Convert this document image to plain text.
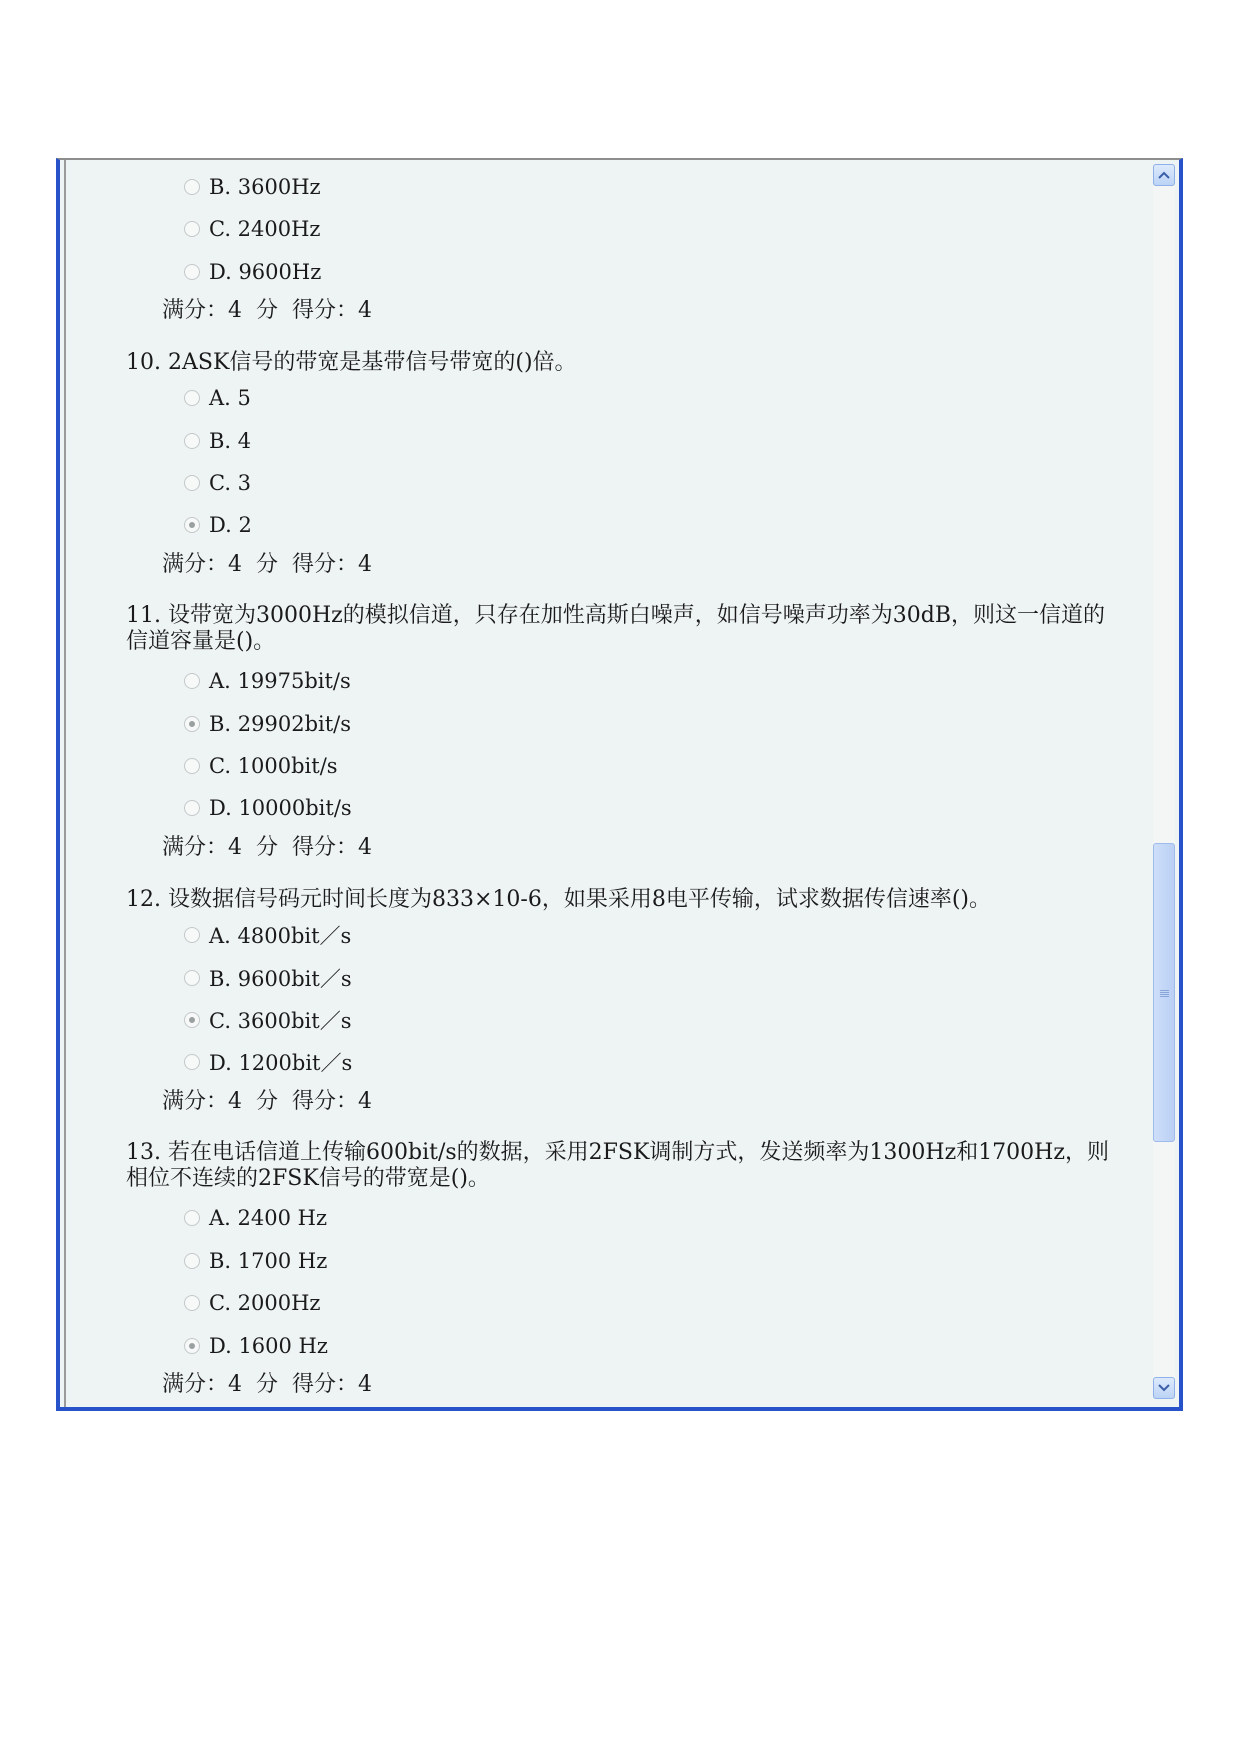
B. 3600Hz
C. 2400Hz
D. 9600Hz
满分：4 分 得分：4
10. 2ASK信号的带宽是基带信号带宽的()倍。
A. 5
B. 4
C. 3
D. 2
满分：4 分 得分：4
11. 设带宽为3000Hz的模拟信道，只存在加性高斯白噪声，如信号噪声功率为30dB，则这一信道的信道容量是()。
A. 19975bit/s
B. 29902bit/s
C. 1000bit/s
D. 10000bit/s
满分：4 分 得分：4
12. 设数据信号码元时间长度为833×10-6，如果采用8电平传输，试求数据传信速率()。
A. 4800bit／s
B. 9600bit／s
C. 3600bit／s
D. 1200bit／s
满分：4 分 得分：4
13. 若在电话信道上传输600bit/s的数据，采用2FSK调制方式，发送频率为1300Hz和1700Hz，则相位不连续的2FSK信号的带宽是()。
A. 2400 Hz
B. 1700 Hz
C. 2000Hz
D. 1600 Hz
满分：4 分 得分：4
